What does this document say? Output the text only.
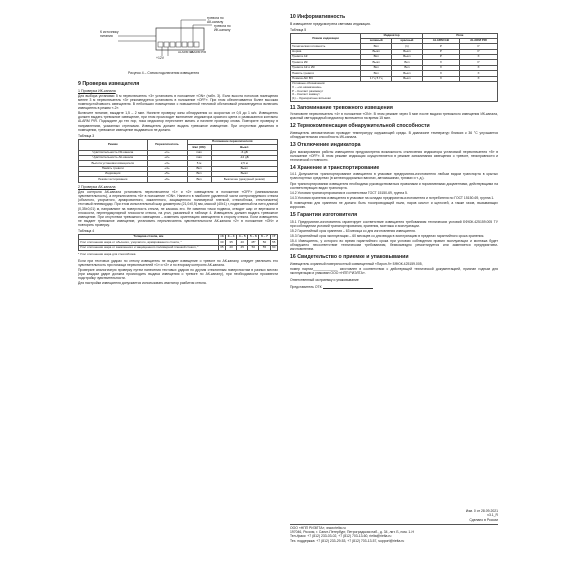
К источнику
питания
+12V
тревога по
АК-каналу
ALARM GB
ALARM PIR
тревога по
ИК-каналу
Рисунок 4 – Схема подключения извещателя
9 Проверка извещателя
1 Проверка ИК-канала
Для выбора установки 5 м переключатель «3» установить в положение «ON» (табл. 3). Если высота потолков помещения менее 3 м переключатель «3» рекомендуется установить в положение «OFF». При этом обеспечивается более высокая помехоустойчивость извещателя. В небольших помещениях с повышенной тепловой обстановкой рекомендуется включать извещатель в режим «-2».
Включите питание, выждите 1,5 – 2 мин. Начните проверку зоны обнаружения со скоростью от 0,5 до 1 м/с. Извещатель должен выдать тревожное извещение, при этом происходит включение индикатора красного цвета и размыкаются контакты ALARM PIR. Подождите до тех пор, пока индикатор перестанет мигать и начните проверку снова. Повторите проверку в направлениях, указанных стрелками. Извещатель должен выдать тревожное извещение. При отсутствии движения в помещении, тревожное извещение выдаваться не должно.
Таблица 3
Режим	Переключатель	Положение переключателя	
		Вкл (ON)	Выкл
Чувствительность ИК-канала	«1»	max	-6 дБ
Чувствительность АК-канала	«2»	max	-12 дБ
Высота установки извещателя	«3»	5 м	2,5 м
Память тревоги	«4»	Вкл	Выкл
Индикация	«5»	Вкл	Выкл
Режим тестирования	«6»	Вкл	Выключен (дежурный режим)
2 Проверка АК-канала
Для контроля АК-канала установить переключатели «1» и «2» извещателя в положение «OFF» (минимальная чувствительность), а переключатель «6» в положение «ON». Нанести в наиболее удаленной части контролируемого стекла (обычного, узорчатого, армированного, закаленного, защищенного полимерной пленкой, стеклоблока, стеклопакета) тестовый пневмоудар. При этом испытательный шар диаметром (21,0±0,5) мм, массой (40±1) г, подвешенный на нити длиной (0,35±0,01) м, направляют на поверхность стекла, не касаясь его. Не изменяя точки подвеса, отводят шар от вертикали в плоскости, перпендикулярной плоскости стекла, на угол, указанный в таблице 4. Извещатель должен выдать тревожное извещение. При отсутствии тревожного извещения – изменить ориентацию извещателя в сторону стекла. Если извещатель не выдает тревожное извещение, установить переключатель чувствительности АК-канала «2» в положение «ON» и повторить проверку.
Таблица 4
Толщина стекла, мм	<3	3 – 4	4 – 5	5 – 6	6 – 7	>7
Угол отклонения шара от обычного, узорчатого, армированного стекла, °	30	35	40	45*	50	55
Угол отклонения шара от закаленного и защищенного полимерной пленкой стекол, °	35	40	45	50	55	60
* Угол отклонения шара для стеклоблока
Если при тестовых ударах по стеклу извещатель не выдает извещение о тревоге по АК-каналу, следует увеличить его чувствительность при помощи переключателей «1» и «2» и по второму контролю АК-канала.
Проверьте аналогичную проверку путем нанесения тестовых ударов по другим стеклянным поверхностям в разных местах (при каждом ударе должна происходить выдача извещения о тревоге по АК-каналу), при необходимости произвести подстройку чувствительности.
Для настройки извещателя допускается использовать имитатор разбития стекла.
10 Информативность
В извещателе предусмотрена световая индикация.
Таблица 5
Режим индикации	Индикатор		Реле	
	зеленый	красный	ALARM GB	ALARM PIR
Техническая готовность	Вкл	(1)	Р	Р
Норма	Выкл	Выкл	Р	Р
Тревога АК	Вкл	Выкл	Р	Х
Тревога ИК	Выкл	Вкл	Х	Р
Тревога АК и ИК	Вкл	Вкл	Х	Х
Память тревоги	Вкл	Выкл	Х	Х
Помеха АК/ ВЧ	1 Гц 5 Гц	Выкл	Х	Х

Условные обозначения:
Х – «по назначению»
Р – Контакт разомкнут
З – Контакт замкнут
(1) – Однократные вспышки				
11 Запоминание тревожного извещения
Установите переключатель «4» в положение «ON». В этом режиме через 5 мин после выдачи тревожного извещения ИК-канала, красный светодиодный индикатор включается на время 15 мин.
12 Термокомпенсация обнаружительной способности
Извещатель автоматически проводит температуру окружающей среды. В диапазоне температур близких к 36 °С улучшается обнаружительная способность ИК-канала.
13 Отключение индикатора
Для маскирования работы извещателя предусмотрена возможность отключения индикатора установкой переключателя «5» в положение «OFF». В этом режиме индикация осуществляется в режиме запоминания извещения о тревоге, неисправности и технической готовности.
14 Хранение и транспортирование
14.1 Допускается транспортирование извещателя в упаковке предприятия-изготовителя любым видом транспорта в крытых транспортных средствах (в железнодорожных вагонах, автомашинах, трюмах и т. д.).
При транспортировании извещателя необходимо руководствоваться правилами и нормативными документами, действующими на соответствующих видах транспорта.
14.2 Условия транспортирования в соответствии ГОСТ 15150-69, группа 5.
14.3 Условия хранения извещателя в упаковке на складах предприятия-изготовителя и потребителя по ГОСТ 15150-69, группа 1.
В помещении для хранения не должно быть токопроводящей пыли, паров кислот и щелочей, а также газов, вызывающих коррозию.
15 Гарантии изготовителя
15.1 Предприятие-изготовитель гарантирует соответствие извещателя требованиям технических условий БФЮК.425159.005 ТУ при соблюдении условий транспортирования, хранения, монтажа и эксплуатации.
15.2 Гарантийный срок хранения – 63 месяца со дня изготовления извещателя.
15.3 Гарантийный срок эксплуатации – 60 месяцев со дня ввода в эксплуатацию в пределах гарантийного срока хранения.
15.4 Извещатель, у которого во время гарантийного срока при условии соблюдения правил эксплуатации и монтажа будет обнаружено несоответствие техническим требованиям, безвозмездно ремонтируется или заменяется предприятием-изготовителем.
16 Свидетельство о приемке и упаковывании
Извещатель охранный поверхностный совмещенный «Пирон-9» БФЮК.425159.005,
номер партии_____________ изготовлен в соответствии с действующей технической документацией, признан годным для эксплуатации и упакован ООО «НПП РИЭЛТА».
Ответственный за приемку и упаковывание
Представитель ОТК
Изм. 0 от 28.09.2021
v3.1_R
Сделано в России
ООО «НПП РИЭЛТА», www.rielta.ru
197046, Россия, г. Санкт-Петербург, Петроградская наб., д. 34, лит. Б, пом. 1-Н
Тел./факс: +7 (812) 233-03-02, +7 (812) 703-13-60, rielta@rielta.ru
Тех. поддержка: +7 (812) 233-29-53, +7 (812) 703-13-57, support@rielta.ru
